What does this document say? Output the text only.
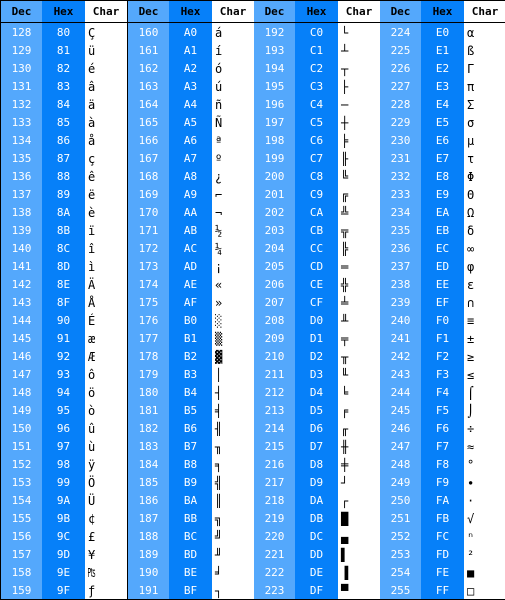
Dec
128
129
130
131
132
133
134
135
136
137
138
139
140
141
142
143
144
145
146
147
148
149
150
151
152
153
154
155
156
157
158
159
Hex
80
81
82
83
84
85
86
87
88
89
8A
8B
8C
8D
8E
8F
90
91
92
93
94
95
96
97
98
99
9A
9B
9C
9D
9E
9F
Char
Ç
ü
é
â
ä
à
å
ç
ê
ë
è
ï
î
ì
Ä
Å
É
æ
Æ
ô
ö
ò
û
ù
ÿ
Ö
Ü
¢
£
¥
₧
ƒ
Dec
160
161
162
163
164
165
166
167
168
169
170
171
172
173
174
175
176
177
178
179
180
181
182
183
184
185
186
187
188
189
190
191
Hex
A0
A1
A2
A3
A4
A5
A6
A7
A8
A9
AA
AB
AC
AD
AE
AF
B0
B1
B2
B3
B4
B5
B6
B7
B8
B9
BA
BB
BC
BD
BE
BF
Char
á
í
ó
ú
ñ
Ñ
ª
º
¿
⌐
¬
½
¼
¡
«
»
░
▒
▓
│
┤
╡
╢
╖
╕
╣
║
╗
╝
╜
╛
┐
Dec
192
193
194
195
196
197
198
199
200
201
202
203
204
205
206
207
208
209
210
211
212
213
214
215
216
217
218
219
220
221
222
223
Hex
C0
C1
C2
C3
C4
C5
C6
C7
C8
C9
CA
CB
CC
CD
CE
CF
D0
D1
D2
D3
D4
D5
D6
D7
D8
D9
DA
DB
DC
DD
DE
DF
Char
└
┴
┬
├
─
┼
╞
╟
╚
╔
╩
╦
╠
═
╬
╧
╨
╤
╥
╙
╘
╒
╓
╫
╪
┘
┌
█
▄
▌
▐
▀
Dec
224
225
226
227
228
229
230
231
232
233
234
235
236
237
238
239
240
241
242
243
244
245
246
247
248
249
250
251
252
253
254
255
Hex
E0
E1
E2
E3
E4
E5
E6
E7
E8
E9
EA
EB
EC
ED
EE
EF
F0
F1
F2
F3
F4
F5
F6
F7
F8
F9
FA
FB
FC
FD
FE
FF
Char
α
ß
Γ
π
Σ
σ
µ
τ
Φ
Θ
Ω
δ
∞
φ
ε
∩
≡
±
≥
≤
⌠
⌡
÷
≈
°
∙
·
√
ⁿ
²
■
□
